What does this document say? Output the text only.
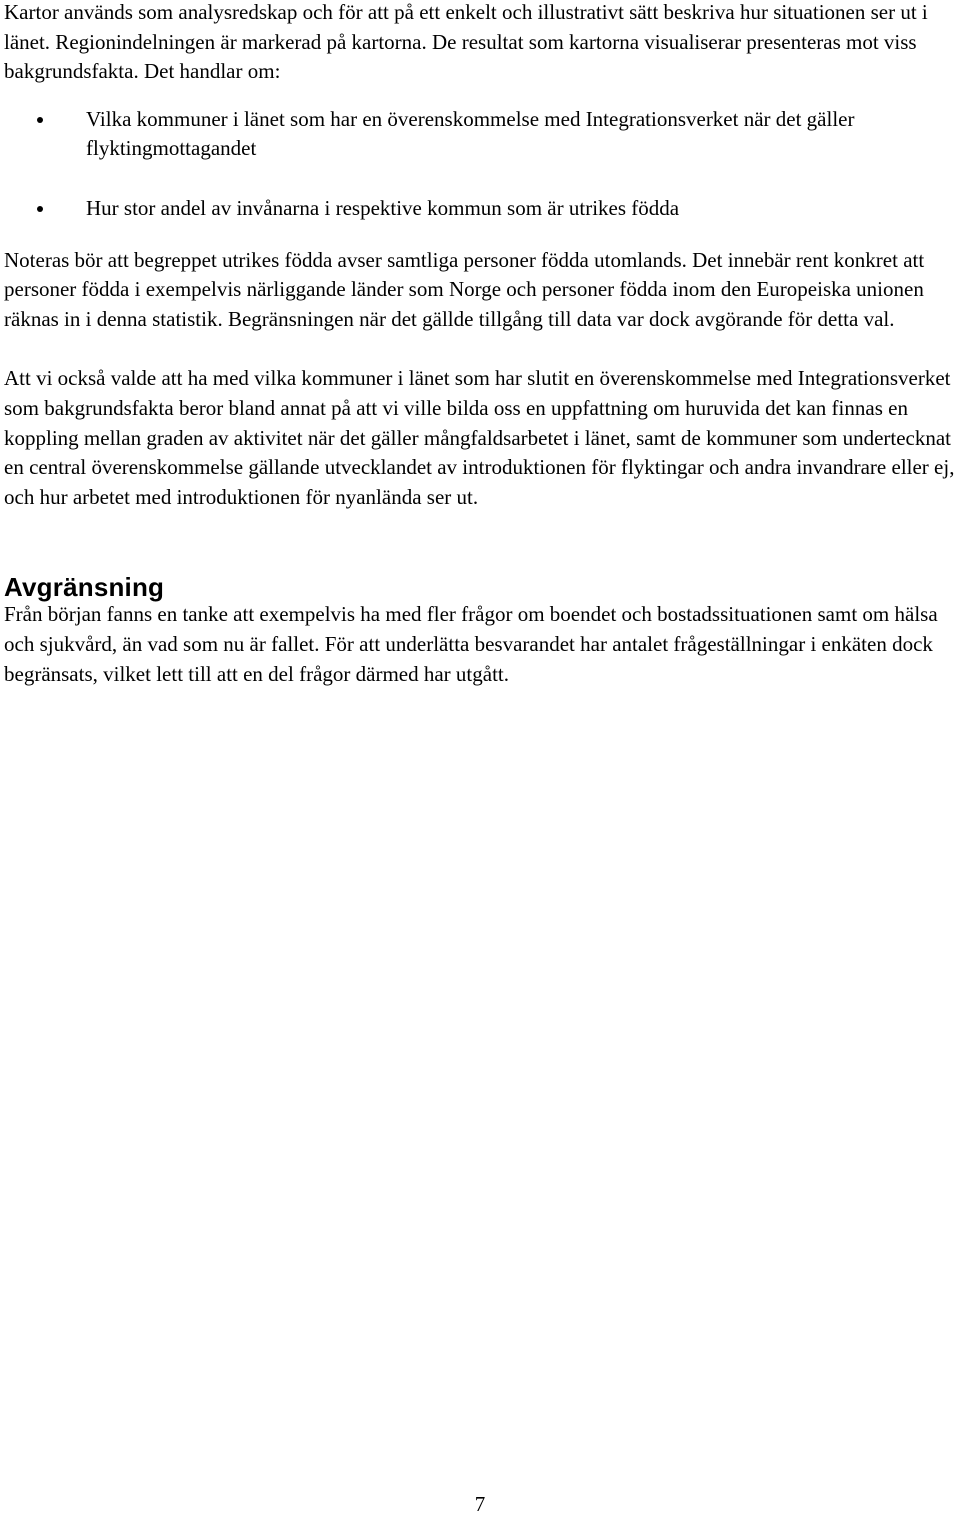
Kartor används som analysredskap och för att på ett enkelt och illustrativt sätt beskriva hur situationen ser ut i länet. Regionindelningen är markerad på kartorna. De resultat som kartorna visualiserar presenteras mot viss bakgrundsfakta. Det handlar om:

Vilka kommuner i länet som har en överenskommelse med Integrationsverket när det gäller flyktingmottagandet
Hur stor andel av invånarna i respektive kommun som är utrikes födda

Noteras bör att begreppet utrikes födda avser samtliga personer födda utomlands. Det innebär rent konkret att personer födda i exempelvis närliggande länder som Norge och personer födda inom den Europeiska unionen räknas in i denna statistik. Begränsningen när det gällde tillgång till data var dock avgörande för detta val.

Att vi också valde att ha med vilka kommuner i länet som har slutit en överenskommelse med Integrationsverket som bakgrundsfakta beror bland annat på att vi ville bilda oss en uppfattning om huruvida det kan finnas en koppling mellan graden av aktivitet när det gäller mångfaldsarbetet i länet, samt de kommuner som undertecknat en central överenskommelse gällande utvecklandet av introduktionen för flyktingar och andra invandrare eller ej, och hur arbetet med introduktionen för nyanlända ser ut.

Avgränsning

Från början fanns en tanke att exempelvis ha med fler frågor om boendet och bostadssituationen samt om hälsa och sjukvård, än vad som nu är fallet. För att underlätta besvarandet har antalet frågeställningar i enkäten dock begränsats, vilket lett till att en del frågor därmed har utgått.

7
